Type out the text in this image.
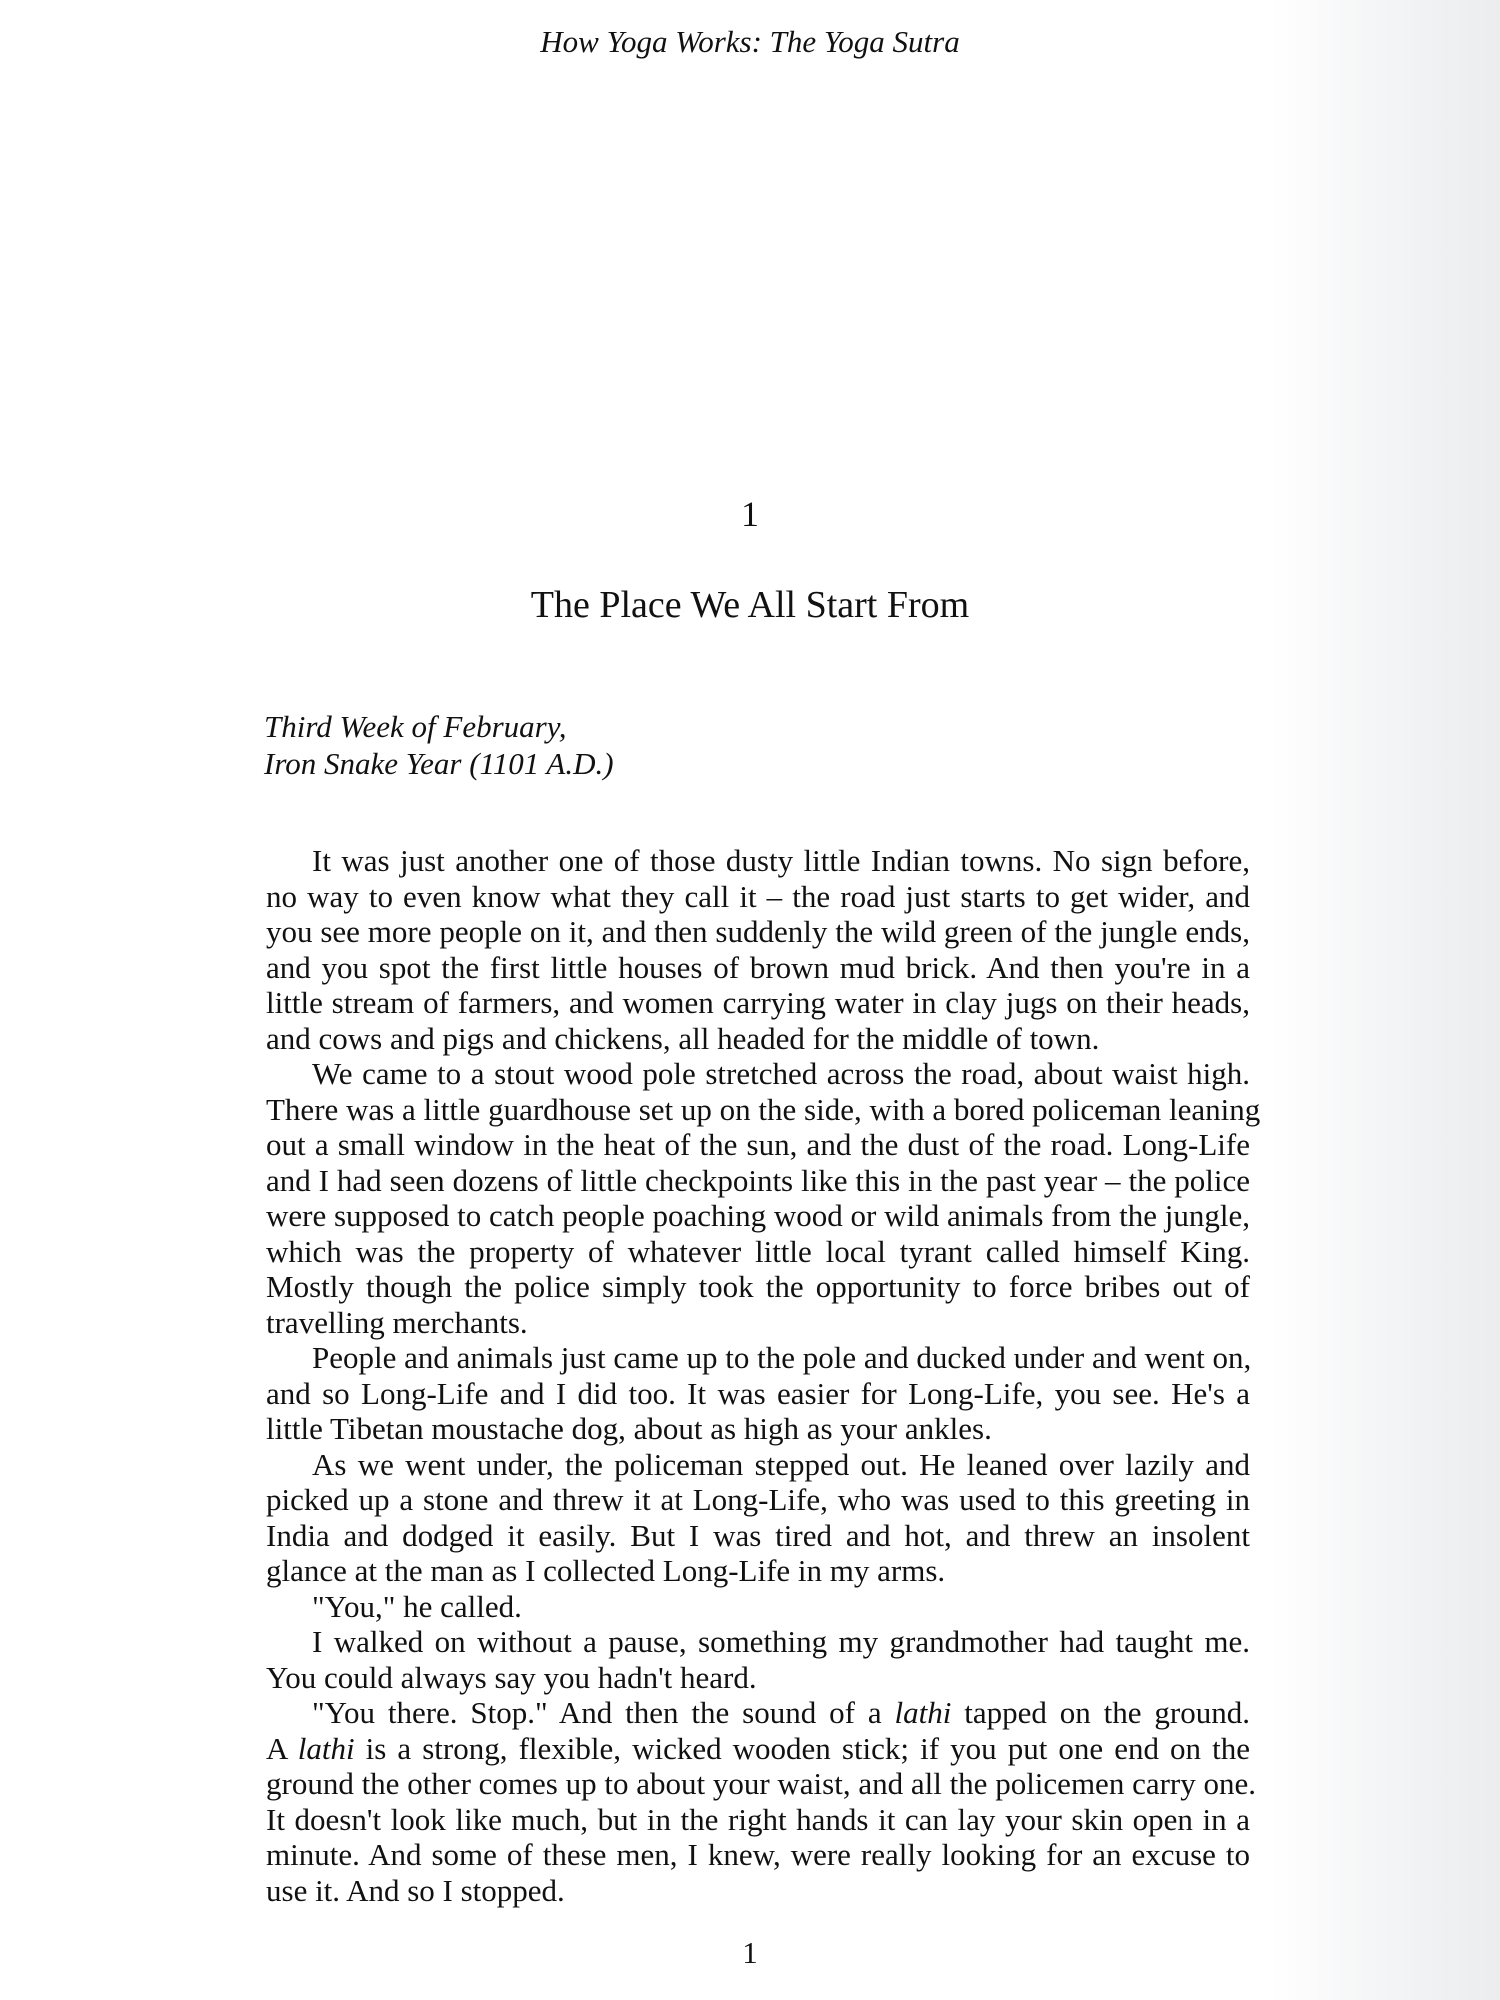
How Yoga Works: The Yoga Sutra
1
The Place We All Start From
Third Week of February,
Iron Snake Year (1101 A.D.)
It was just another one of those dusty little Indian towns. No sign before,
no way to even know what they call it – the road just starts to get wider, and
you see more people on it, and then suddenly the wild green of the jungle ends,
and you spot the first little houses of brown mud brick. And then you're in a
little stream of farmers, and women carrying water in clay jugs on their heads,
and cows and pigs and chickens, all headed for the middle of town.
We came to a stout wood pole stretched across the road, about waist high.
There was a little guardhouse set up on the side, with a bored policeman leaning
out a small window in the heat of the sun, and the dust of the road. Long-Life
and I had seen dozens of little checkpoints like this in the past year – the police
were supposed to catch people poaching wood or wild animals from the jungle,
which was the property of whatever little local tyrant called himself King.
Mostly though the police simply took the opportunity to force bribes out of
travelling merchants.
People and animals just came up to the pole and ducked under and went on,
and so Long-Life and I did too. It was easier for Long-Life, you see. He's a
little Tibetan moustache dog, about as high as your ankles.
As we went under, the policeman stepped out. He leaned over lazily and
picked up a stone and threw it at Long-Life, who was used to this greeting in
India and dodged it easily. But I was tired and hot, and threw an insolent
glance at the man as I collected Long-Life in my arms.
"You," he called.
I walked on without a pause, something my grandmother had taught me.
You could always say you hadn't heard.
"You there. Stop." And then the sound of a lathi tapped on the ground.
A lathi is a strong, flexible, wicked wooden stick; if you put one end on the
ground the other comes up to about your waist, and all the policemen carry one.
It doesn't look like much, but in the right hands it can lay your skin open in a
minute. And some of these men, I knew, were really looking for an excuse to
use it. And so I stopped.
1
